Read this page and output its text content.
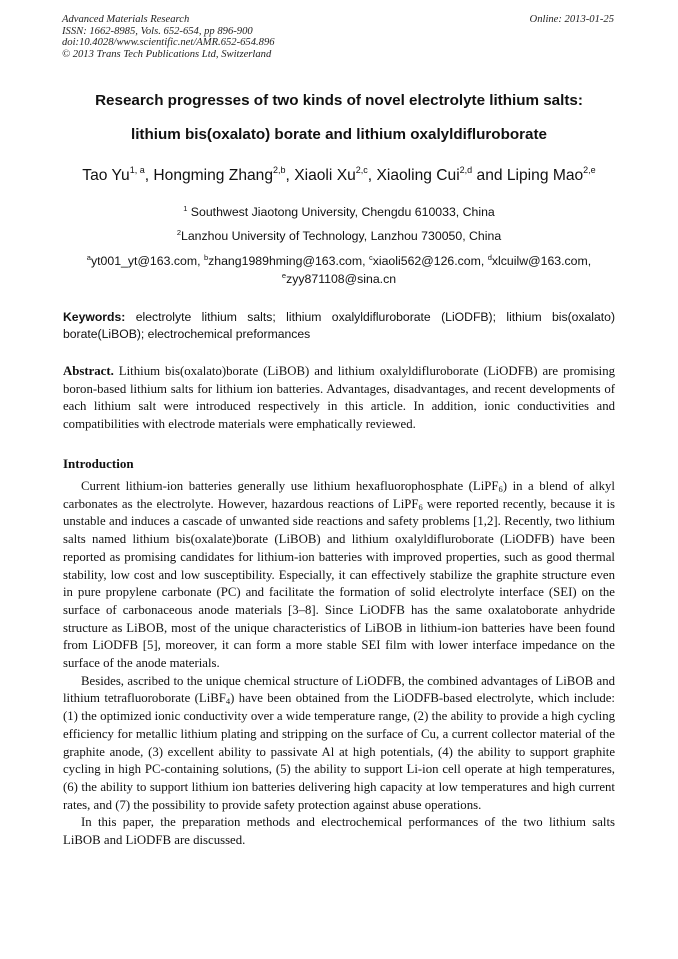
Advanced Materials Research
ISSN: 1662-8985, Vols. 652-654, pp 896-900
doi:10.4028/www.scientific.net/AMR.652-654.896
© 2013 Trans Tech Publications Ltd, Switzerland
Online: 2013-01-25
Research progresses of two kinds of novel electrolyte lithium salts:
lithium bis(oxalato) borate and lithium oxalyldifluroborate
Tao Yu$^{1, a}$, Hongming Zhang$^{2,b}$, Xiaoli Xu$^{2,c}$, Xiaoling Cui$^{2,d}$ and Liping Mao$^{2,e}$
$^1$ Southwest Jiaotong University, Chengdu 610033, China
$^2$Lanzhou University of Technology, Lanzhou 730050, China
$^a$yt001_yt@163.com, $^b$zhang1989hming@163.com, $^c$xiaoli562@126.com, $^d$xlcuilw@163.com,
$^e$zyy871108@sina.cn
Keywords: electrolyte lithium salts; lithium oxalyldifluroborate (LiODFB); lithium bis(oxalato) borate(LiBOB); electrochemical preformances
Abstract. Lithium bis(oxalato)borate (LiBOB) and lithium oxalyldifluroborate (LiODFB) are promising boron-based lithium salts for lithium ion batteries. Advantages, disadvantages, and recent developments of each lithium salt were introduced respectively in this article. In addition, ionic conductivities and compatibilities with electrode materials were emphatically reviewed.
Introduction

Current lithium-ion batteries generally use lithium hexafluorophosphate (LiPF$_6$) in a blend of alkyl carbonates as the electrolyte. However, hazardous reactions of LiPF$_6$ were reported recently, because it is unstable and induces a cascade of unwanted side reactions and safety problems [1,2]. Recently, two lithium salts named lithium bis(oxalate)borate (LiBOB) and lithium oxalyldifluroborate (LiODFB) have been reported as promising candidates for lithium-ion batteries with improved properties, such as good thermal stability, low cost and low susceptibility. Especially, it can effectively stabilize the graphite structure even in pure propylene carbonate (PC) and facilitate the formation of solid electrolyte interface (SEI) on the surface of carbonaceous anode materials [3–8]. Since LiODFB has the same oxalatoborate anhydride structure as LiBOB, most of the unique characteristics of LiBOB in lithium-ion batteries have been found from LiODFB [5], moreover, it can form a more stable SEI film with lower interface impedance on the surface of the anode materials.

Besides, ascribed to the unique chemical structure of LiODFB, the combined advantages of LiBOB and lithium tetrafluoroborate (LiBF$_4$) have been obtained from the LiODFB-based electrolyte, which include: (1) the optimized ionic conductivity over a wide temperature range, (2) the ability to provide a high cycling efficiency for metallic lithium plating and stripping on the surface of Cu, a current collector material of the graphite anode, (3) excellent ability to passivate Al at high potentials, (4) the ability to support graphite cycling in high PC-containing solutions, (5) the ability to support Li-ion cell operate at high temperatures, (6) the ability to support lithium ion batteries delivering high capacity at low temperatures and high current rates, and (7) the possibility to provide safety protection against abuse operations.

In this paper, the preparation methods and electrochemical performances of the two lithium salts LiBOB and LiODFB are discussed.
